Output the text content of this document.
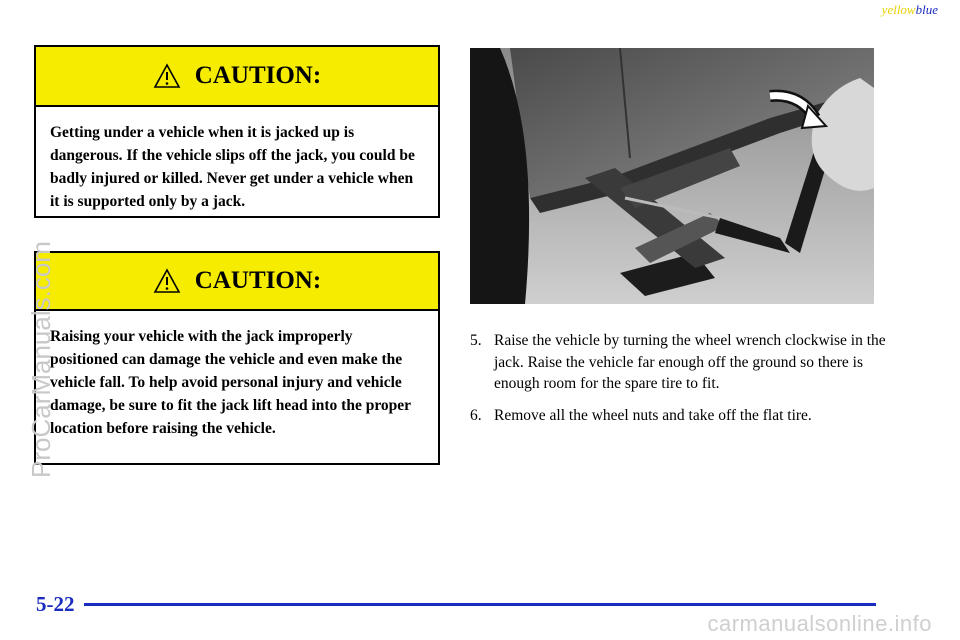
yellowblue
CAUTION:
Getting under a vehicle when it is jacked up is dangerous. If the vehicle slips off the jack, you could be badly injured or killed. Never get under a vehicle when it is supported only by a jack.
CAUTION:
Raising your vehicle with the jack improperly positioned can damage the vehicle and even make the vehicle fall. To help avoid personal injury and vehicle damage, be sure to fit the jack lift head into the proper location before raising the vehicle.
5. Raise the vehicle by turning the wheel wrench clockwise in the jack. Raise the vehicle far enough off the ground so there is enough room for the spare tire to fit.
6. Remove all the wheel nuts and take off the flat tire.
ProCarManuals.com
5-22
carmanualsonline.info
